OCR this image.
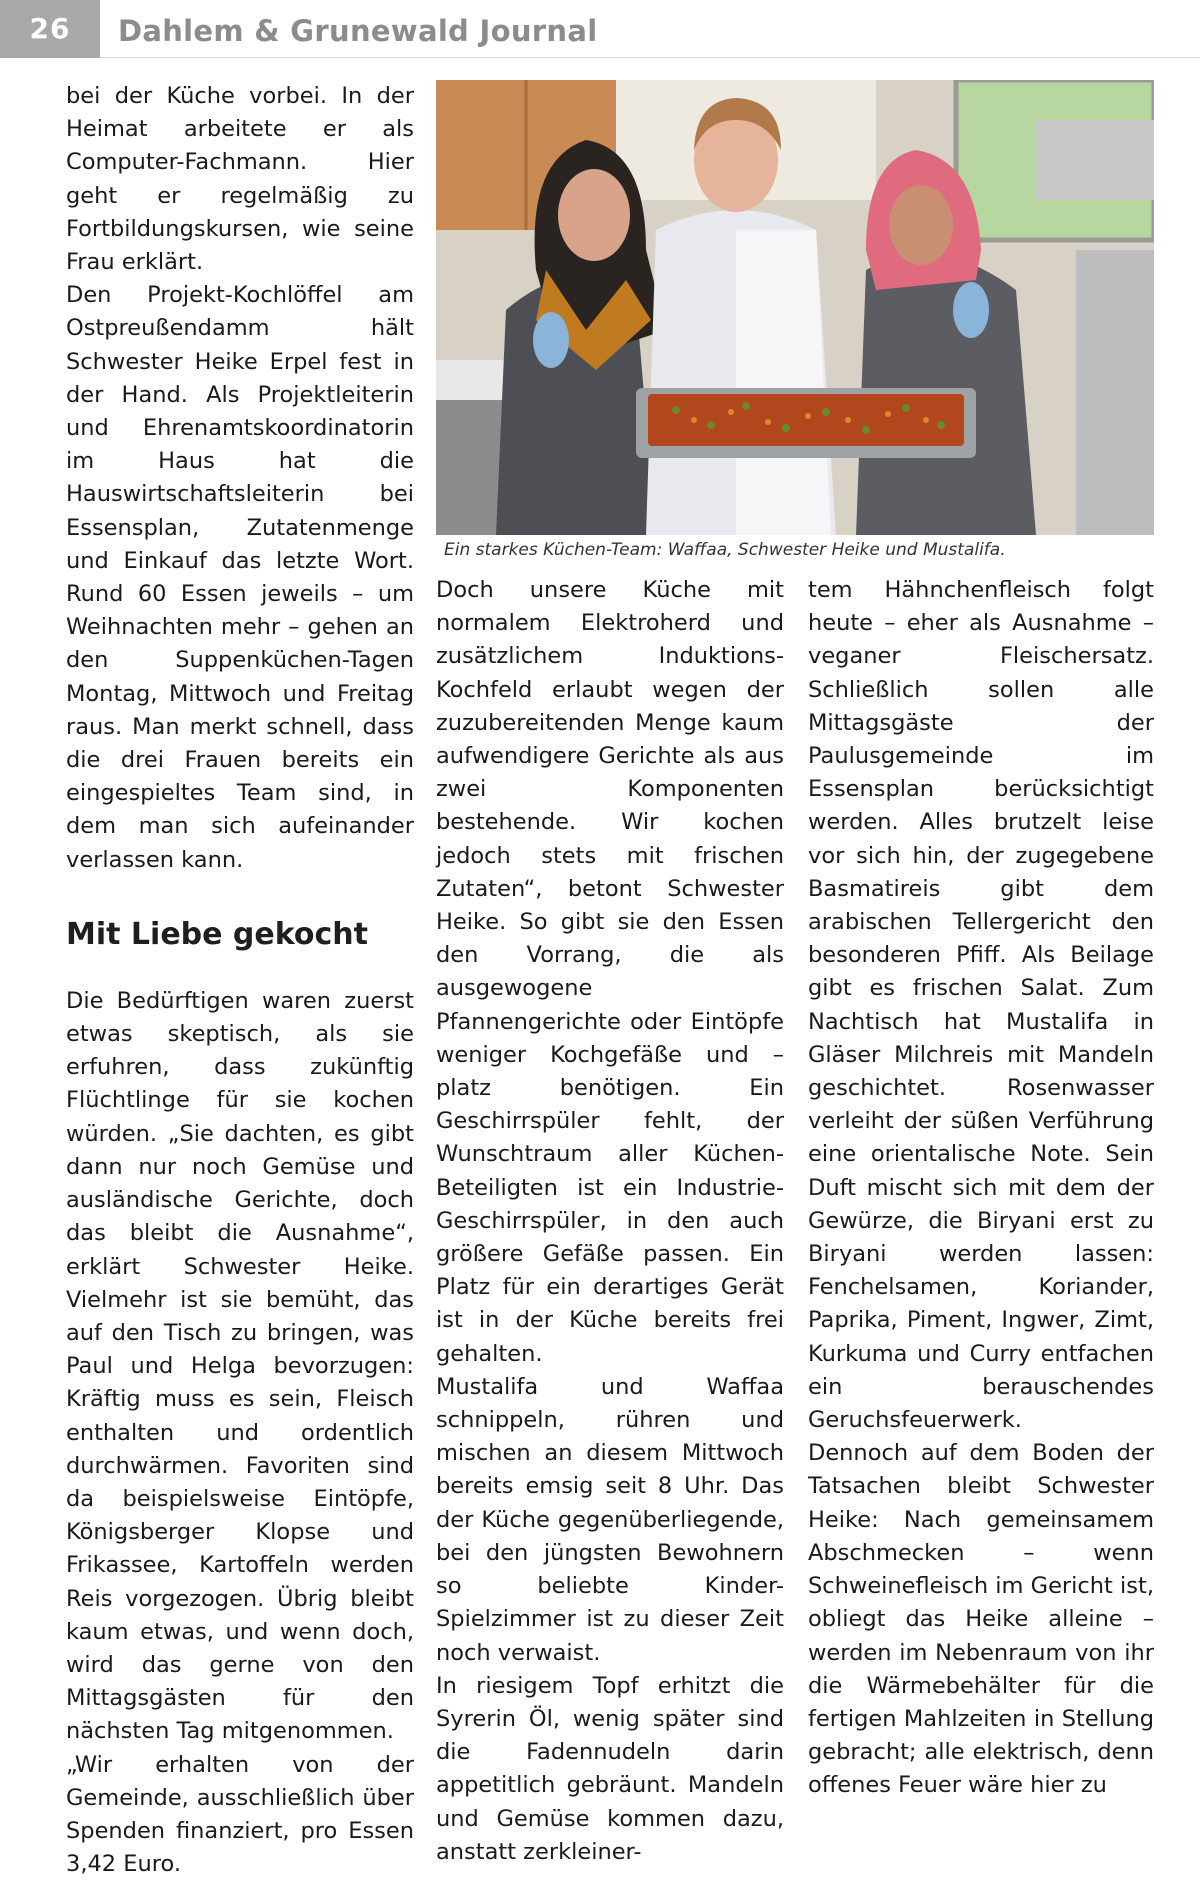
26	Dahlem & Grunewald Journal

bei der Küche vorbei. In der Heimat arbeitete er als Computer-Fachmann. Hier geht er regelmäßig zu Fortbildungskursen, wie seine Frau erklärt.

Den Projekt-Kochlöffel am Ostpreußendamm hält Schwester Heike Erpel fest in der Hand. Als Projektleiterin und Ehrenamtskoordinatorin im Haus hat die Hauswirtschaftsleiterin bei Essensplan, Zutatenmenge und Einkauf das letzte Wort. Rund 60 Essen jeweils – um Weihnachten mehr – gehen an den Suppenküchen-Tagen Montag, Mittwoch und Freitag raus. Man merkt schnell, dass die drei Frauen bereits ein eingespieltes Team sind, in dem man sich aufeinander verlassen kann.

Mit Liebe gekocht

Die Bedürftigen waren zuerst etwas skeptisch, als sie erfuhren, dass zukünftig Flüchtlinge für sie kochen würden. „Sie dachten, es gibt dann nur noch Gemüse und ausländische Gerichte, doch das bleibt die Ausnahme“, erklärt Schwester Heike. Vielmehr ist sie bemüht, das auf den Tisch zu bringen, was Paul und Helga bevorzugen: Kräftig muss es sein, Fleisch enthalten und ordentlich durchwärmen. Favoriten sind da beispielsweise Eintöpfe, Königsberger Klopse und Frikassee, Kartoffeln werden Reis vorgezogen. Übrig bleibt kaum etwas, und wenn doch, wird das gerne von den Mittagsgästen für den nächsten Tag mitgenommen.

„Wir erhalten von der Gemeinde, ausschließlich über Spenden finanziert, pro Essen 3,42 Euro.

Ein starkes Küchen-Team: Waffaa, Schwester Heike und Mustalifa.

Doch unsere Küche mit normalem Elektroherd und zusätzlichem Induktions-Kochfeld erlaubt wegen der zuzubereitenden Menge kaum aufwendigere Gerichte als aus zwei Komponenten bestehende. Wir kochen jedoch stets mit frischen Zutaten“, betont Schwester Heike. So gibt sie den Essen den Vorrang, die als ausgewogene Pfannengerichte oder Eintöpfe weniger Kochgefäße und –platz benötigen. Ein Geschirrspüler fehlt, der Wunschtraum aller Küchen-Beteiligten ist ein Industrie-Geschirrspüler, in den auch größere Gefäße passen. Ein Platz für ein derartiges Gerät ist in der Küche bereits frei gehalten.

Mustalifa und Waffaa schnippeln, rühren und mischen an diesem Mittwoch bereits emsig seit 8 Uhr. Das der Küche gegenüberliegende, bei den jüngsten Bewohnern so beliebte Kinder-Spielzimmer ist zu dieser Zeit noch verwaist.

In riesigem Topf erhitzt die Syrerin Öl, wenig später sind die Fadennudeln darin appetitlich gebräunt. Mandeln und Gemüse kommen dazu, anstatt zerkleiner-

tem Hähnchenfleisch folgt heute – eher als Ausnahme – veganer Fleischersatz. Schließlich sollen alle Mittagsgäste der Paulusgemeinde im Essensplan berücksichtigt werden. Alles brutzelt leise vor sich hin, der zugegebene Basmatireis gibt dem arabischen Tellergericht den besonderen Pfiff. Als Beilage gibt es frischen Salat. Zum Nachtisch hat Mustalifa in Gläser Milchreis mit Mandeln geschichtet. Rosenwasser verleiht der süßen Verführung eine orientalische Note. Sein Duft mischt sich mit dem der Gewürze, die Biryani erst zu Biryani werden lassen: Fenchelsamen, Koriander, Paprika, Piment, Ingwer, Zimt, Kurkuma und Curry entfachen ein berauschendes Geruchsfeuerwerk.

Dennoch auf dem Boden der Tatsachen bleibt Schwester Heike: Nach gemeinsamem Abschmecken – wenn Schweinefleisch im Gericht ist, obliegt das Heike alleine – werden im Nebenraum von ihr die Wärmebehälter für die fertigen Mahlzeiten in Stellung gebracht; alle elektrisch, denn offenes Feuer wäre hier zu
